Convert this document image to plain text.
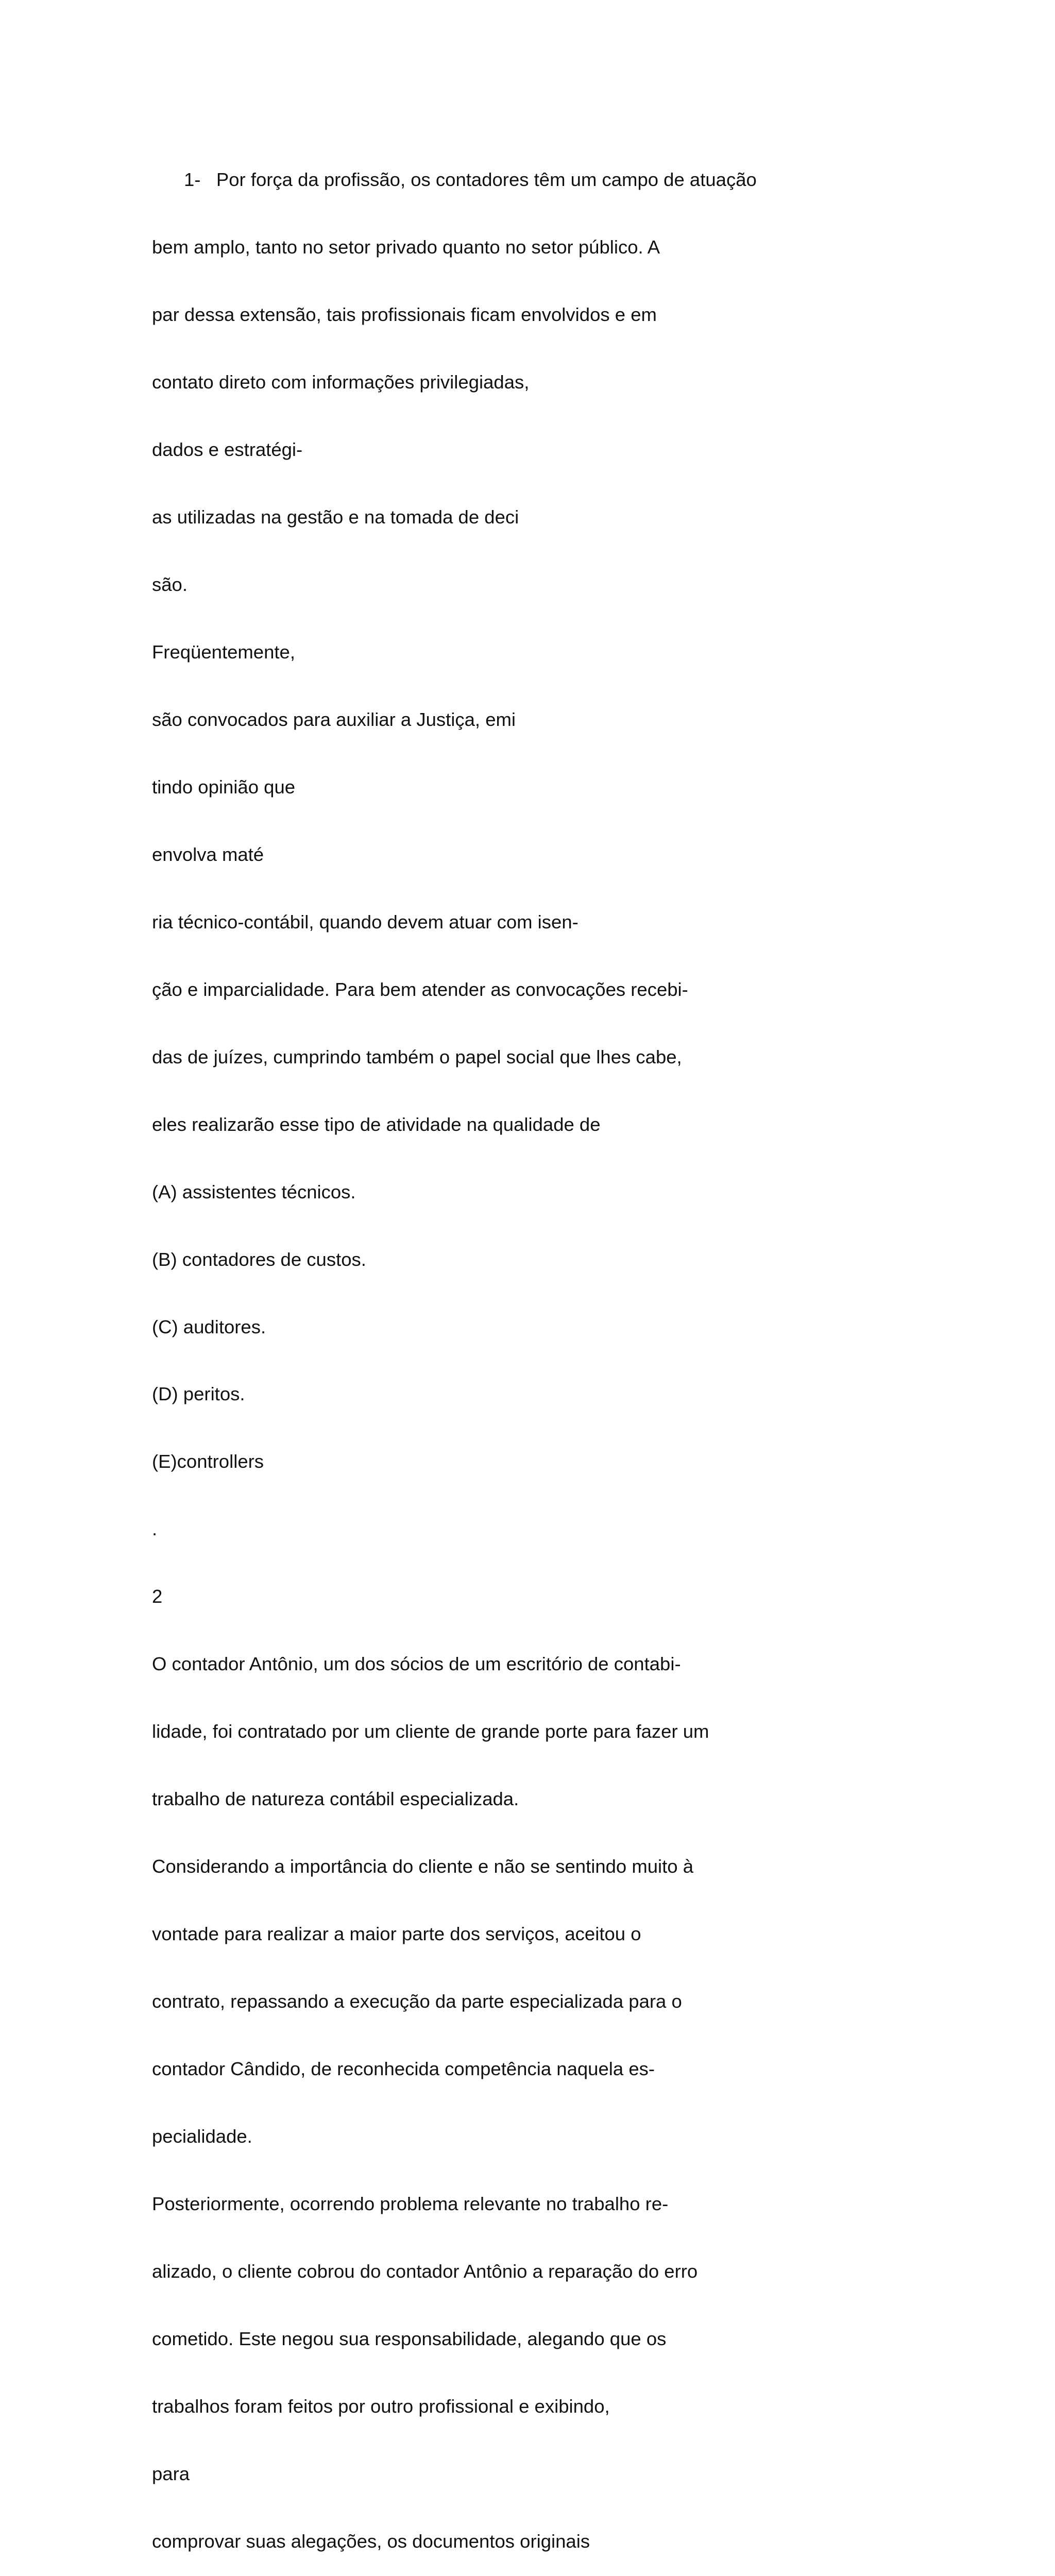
1-   Por força da profissão, os contadores têm um campo de atuação

bem amplo, tanto no setor privado quanto no setor público. A

par dessa extensão, tais profissionais ficam envolvidos e em

contato direto com informações privilegiadas,

dados e estratégi-

as utilizadas na gestão e na tomada de deci

são.

Freqüentemente,

são convocados para auxiliar a Justiça, emi

tindo opinião que

envolva maté

ria técnico-contábil, quando devem atuar com isen-

ção e imparcialidade. Para bem atender as convocações recebi-

das de juízes, cumprindo também o papel social que lhes cabe,

eles realizarão esse tipo de atividade na qualidade de

(A) assistentes técnicos.

(B) contadores de custos.

(C) auditores.

(D) peritos.

(E)controllers

.

2

O contador Antônio, um dos sócios de um escritório de contabi-

lidade, foi contratado por um cliente de grande porte para fazer um

trabalho de natureza contábil especializada.

Considerando a importância do cliente e não se sentindo muito à

vontade para realizar a maior parte dos serviços, aceitou o

contrato, repassando a execução da parte especializada para o

contador Cândido, de reconhecida competência naquela es-

pecialidade.

Posteriormente, ocorrendo problema relevante no trabalho re-

alizado, o cliente cobrou do contador Antônio a reparação do erro

cometido. Este negou sua responsabilidade, alegando que os

trabalhos foram feitos por outro profissional e exibindo,

para

comprovar suas alegações, os documentos originais
